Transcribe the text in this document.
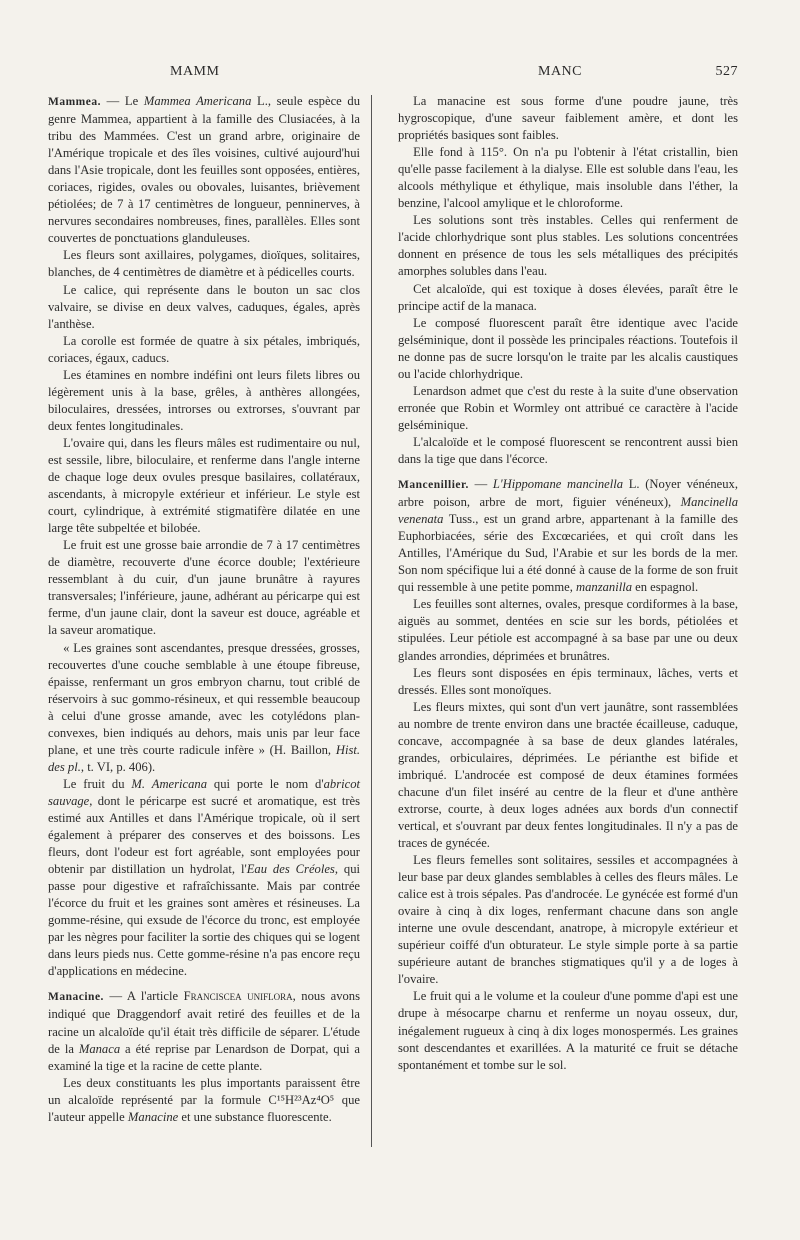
MAMM	MANC	527

Mammea. — Le Mammea Americana L., seule espèce du genre Mammea, appartient à la famille des Clusiacées, à la tribu des Mammées. C'est un grand arbre, originaire de l'Amérique tropicale et des îles voisines, cultivé aujourd'hui dans l'Asie tropicale, dont les feuilles sont opposées, entières, coriaces, rigides, ovales ou obovales, luisantes, brièvement pétiolées; de 7 à 17 centimètres de longueur, penninerves, à nervures secondaires nombreuses, fines, parallèles. Elles sont couvertes de ponctuations glanduleuses.

Les fleurs sont axillaires, polygames, dioïques, solitaires, blanches, de 4 centimètres de diamètre et à pédicelles courts.

Le calice, qui représente dans le bouton un sac clos valvaire, se divise en deux valves, caduques, égales, après l'anthèse.

La corolle est formée de quatre à six pétales, imbriqués, coriaces, égaux, caducs.

Les étamines en nombre indéfini ont leurs filets libres ou légèrement unis à la base, grêles, à anthères allongées, biloculaires, dressées, introrses ou extrorses, s'ouvrant par deux fentes longitudinales.

L'ovaire qui, dans les fleurs mâles est rudimentaire ou nul, est sessile, libre, biloculaire, et renferme dans l'angle interne de chaque loge deux ovules presque basilaires, collatéraux, ascendants, à micropyle extérieur et inférieur. Le style est court, cylindrique, à extrémité stigmatifère dilatée en une large tête subpeltée et bilobée.

Le fruit est une grosse baie arrondie de 7 à 17 centimètres de diamètre, recouverte d'une écorce double; l'extérieure ressemblant à du cuir, d'un jaune brunâtre à rayures transversales; l'inférieure, jaune, adhérant au péricarpe qui est ferme, d'un jaune clair, dont la saveur est douce, agréable et la saveur aromatique.

« Les graines sont ascendantes, presque dressées, grosses, recouvertes d'une couche semblable à une étoupe fibreuse, épaisse, renfermant un gros embryon charnu, tout criblé de réservoirs à suc gommo-résineux, et qui ressemble beaucoup à celui d'une grosse amande, avec les cotylédons plan-convexes, bien indiqués au dehors, mais unis par leur face plane, et une très courte radicule infère » (H. Baillon, Hist. des pl., t. VI, p. 406).

Le fruit du M. Americana qui porte le nom d'abricot sauvage, dont le péricarpe est sucré et aromatique, est très estimé aux Antilles et dans l'Amérique tropicale, où il sert également à préparer des conserves et des boissons. Les fleurs, dont l'odeur est fort agréable, sont employées pour obtenir par distillation un hydrolat, l'Eau des Créoles, qui passe pour digestive et rafraîchissante. Mais par contrée l'écorce du fruit et les graines sont amères et résineuses. La gomme-résine, qui exsude de l'écorce du tronc, est employée par les nègres pour faciliter la sortie des chiques qui se logent dans leurs pieds nus. Cette gomme-résine n'a pas encore reçu d'applications en médecine.

Manacine. — A l'article Franciscea uniflora, nous avons indiqué que Draggendorf avait retiré des feuilles et de la racine un alcaloïde qu'il était très difficile de séparer. L'étude de la Manaca a été reprise par Lenardson de Dorpat, qui a examiné la tige et la racine de cette plante.

Les deux constituants les plus importants paraissent être un alcaloïde représenté par la formule C¹⁵H²³Az⁴O⁵ que l'auteur appelle Manacine et une substance fluorescente.

La manacine est sous forme d'une poudre jaune, très hygroscopique, d'une saveur faiblement amère, et dont les propriétés basiques sont faibles.

Elle fond à 115°. On n'a pu l'obtenir à l'état cristallin, bien qu'elle passe facilement à la dialyse. Elle est soluble dans l'eau, les alcools méthylique et éthylique, mais insoluble dans l'éther, la benzine, l'alcool amylique et le chloroforme.

Les solutions sont très instables. Celles qui renferment de l'acide chlorhydrique sont plus stables. Les solutions concentrées donnent en présence de tous les sels métalliques des précipités amorphes solubles dans l'eau.

Cet alcaloïde, qui est toxique à doses élevées, paraît être le principe actif de la manaca.

Le composé fluorescent paraît être identique avec l'acide gelséminique, dont il possède les principales réactions. Toutefois il ne donne pas de sucre lorsqu'on le traite par les alcalis caustiques ou l'acide chlorhydrique.

Lenardson admet que c'est du reste à la suite d'une observation erronée que Robin et Wormley ont attribué ce caractère à l'acide gelséminique.

L'alcaloïde et le composé fluorescent se rencontrent aussi bien dans la tige que dans l'écorce.

Mancenillier. — L'Hippomane mancinella L. (Noyer vénéneux, arbre poison, arbre de mort, figuier vénéneux), Mancinella venenata Tuss., est un grand arbre, appartenant à la famille des Euphorbiacées, série des Excœcariées, et qui croît dans les Antilles, l'Amérique du Sud, l'Arabie et sur les bords de la mer. Son nom spécifique lui a été donné à cause de la forme de son fruit qui ressemble à une petite pomme, manzanilla en espagnol.

Les feuilles sont alternes, ovales, presque cordiformes à la base, aiguës au sommet, dentées en scie sur les bords, pétiolées et stipulées. Leur pétiole est accompagné à sa base par une ou deux glandes arrondies, déprimées et brunâtres.

Les fleurs sont disposées en épis terminaux, lâches, verts et dressés. Elles sont monoïques.

Les fleurs mixtes, qui sont d'un vert jaunâtre, sont rassemblées au nombre de trente environ dans une bractée écailleuse, caduque, concave, accompagnée à sa base de deux glandes latérales, grandes, orbiculaires, déprimées. Le périanthe est bifide et imbriqué. L'androcée est composé de deux étamines formées chacune d'un filet inséré au centre de la fleur et d'une anthère extrorse, courte, à deux loges adnées aux bords d'un connectif vertical, et s'ouvrant par deux fentes longitudinales. Il n'y a pas de traces de gynécée.

Les fleurs femelles sont solitaires, sessiles et accompagnées à leur base par deux glandes semblables à celles des fleurs mâles. Le calice est à trois sépales. Pas d'androcée. Le gynécée est formé d'un ovaire à cinq à dix loges, renfermant chacune dans son angle interne une ovule descendant, anatrope, à micropyle extérieur et supérieur coiffé d'un obturateur. Le style simple porte à sa partie supérieure autant de branches stigmatiques qu'il y a de loges à l'ovaire.

Le fruit qui a le volume et la couleur d'une pomme d'api est une drupe à mésocarpe charnu et renferme un noyau osseux, dur, inégalement rugueux à cinq à dix loges monospermés. Les graines sont descendantes et exarillées. A la maturité ce fruit se détache spontanément et tombe sur le sol.
